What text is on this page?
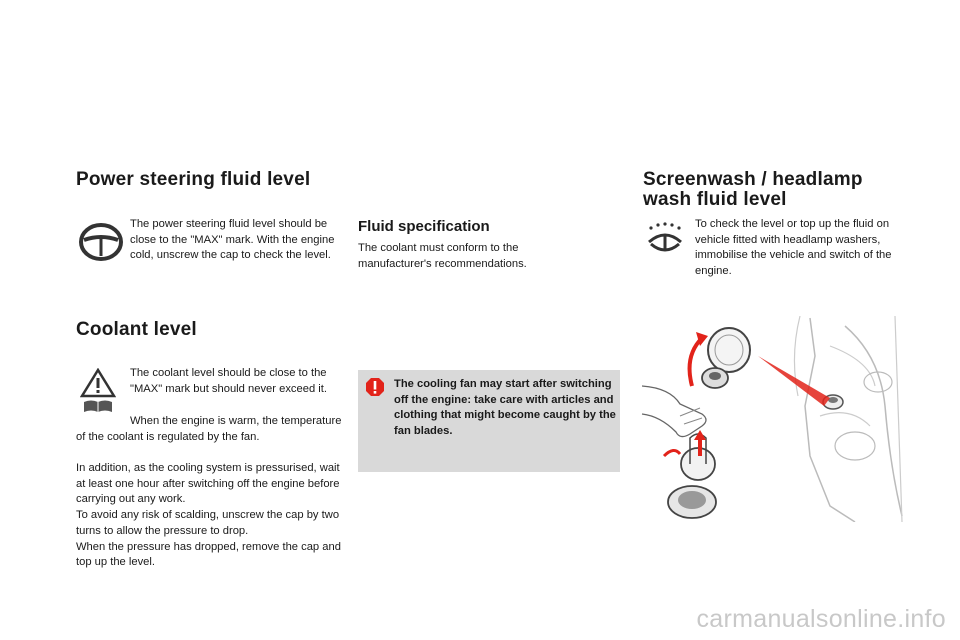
Power steering fluid level

The power steering fluid level should be close to the "MAX" mark. With the engine cold, unscrew the cap to check the level.

Coolant level

The coolant level should be close to the "MAX" mark but should never exceed it.

When the engine is warm, the temperature of the coolant is regulated by the fan.

In addition, as the cooling system is pressurised, wait at least one hour after switching off the engine before carrying out any work.

To avoid any risk of scalding, unscrew the cap by two turns to allow the pressure to drop.

When the pressure has dropped, remove the cap and top up the level.

Fluid specification

The coolant must conform to the manufacturer's recommendations.

The cooling fan may start after switching off the engine: take care with articles and clothing that might become caught by the fan blades.
Screenwash / headlamp
wash fluid level

To check the level or top up the fluid on vehicle fitted with headlamp washers, immobilise the vehicle and switch of the engine.

carmanualsonline.info
